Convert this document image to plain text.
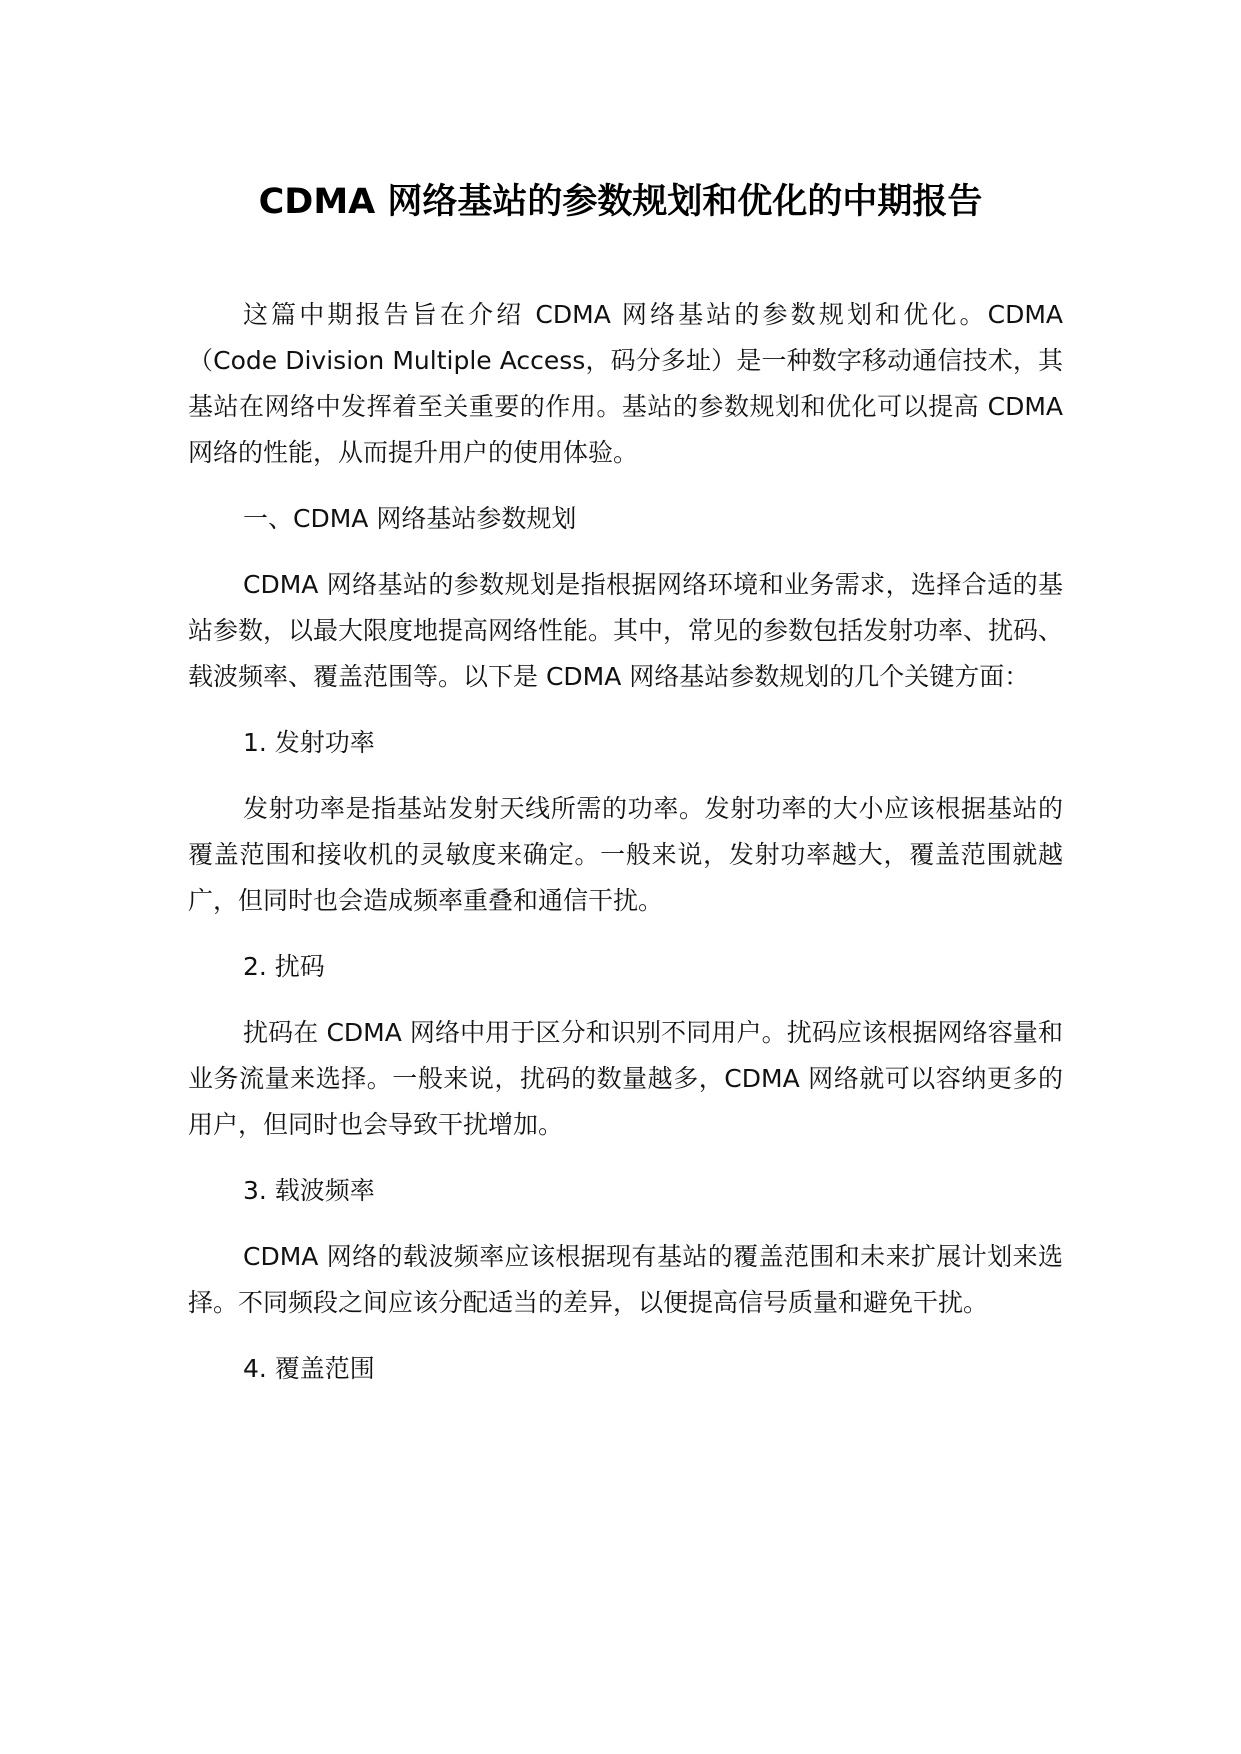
CDMA 网络基站的参数规划和优化的中期报告

这篇中期报告旨在介绍 CDMA 网络基站的参数规划和优化。CDMA（Code Division Multiple Access，码分多址）是一种数字移动通信技术，其基站在网络中发挥着至关重要的作用。基站的参数规划和优化可以提高 CDMA 网络的性能，从而提升用户的使用体验。

一、CDMA 网络基站参数规划

CDMA 网络基站的参数规划是指根据网络环境和业务需求，选择合适的基站参数，以最大限度地提高网络性能。其中，常见的参数包括发射功率、扰码、载波频率、覆盖范围等。以下是 CDMA 网络基站参数规划的几个关键方面：

1. 发射功率

发射功率是指基站发射天线所需的功率。发射功率的大小应该根据基站的覆盖范围和接收机的灵敏度来确定。一般来说，发射功率越大，覆盖范围就越广，但同时也会造成频率重叠和通信干扰。

2. 扰码

扰码在 CDMA 网络中用于区分和识别不同用户。扰码应该根据网络容量和业务流量来选择。一般来说，扰码的数量越多，CDMA 网络就可以容纳更多的用户，但同时也会导致干扰增加。

3. 载波频率

CDMA 网络的载波频率应该根据现有基站的覆盖范围和未来扩展计划来选择。不同频段之间应该分配适当的差异，以便提高信号质量和避免干扰。

4. 覆盖范围
